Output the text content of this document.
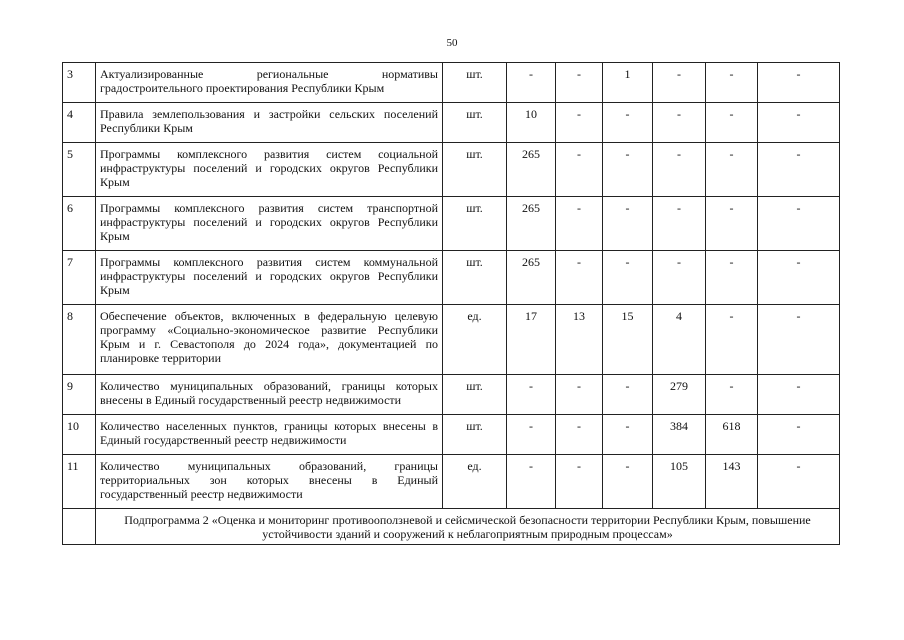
50
3	Актуализированные региональные нормативы градостроительного проектирования Республики Крым	шт.	-	-	1	-	-	-
4	Правила землепользования и застройки сельских поселений Республики Крым	шт.	10	-	-	-	-	-
5	Программы комплексного развития систем социальной инфраструктуры поселений и городских округов Республики Крым	шт.	265	-	-	-	-	-
6	Программы комплексного развития систем транспортной инфраструктуры поселений и городских округов Республики Крым	шт.	265	-	-	-	-	-
7	Программы комплексного развития систем коммунальной инфраструктуры поселений и городских округов Республики Крым	шт.	265	-	-	-	-	-
8	Обеспечение объектов, включенных в федеральную целевую программу «Социально-экономическое развитие Республики Крым и г. Севастополя до 2024 года», документацией по планировке территории	ед.	17	13	15	4	-	-
9	Количество муниципальных образований, границы которых внесены в Единый государственный реестр недвижимости	шт.	-	-	-	279	-	-
10	Количество населенных пунктов, границы которых внесены в Единый государственный реестр недвижимости	шт.	-	-	-	384	618	-
11	Количество муниципальных образований, границы территориальных зон которых внесены в Единый государственный реестр недвижимости	ед.	-	-	-	105	143	-
	Подпрограмма 2 «Оценка и мониторинг противооползневой и сейсмической безопасности территории Республики Крым, повышение устойчивости зданий и сооружений к неблагоприятным природным процессам»							
